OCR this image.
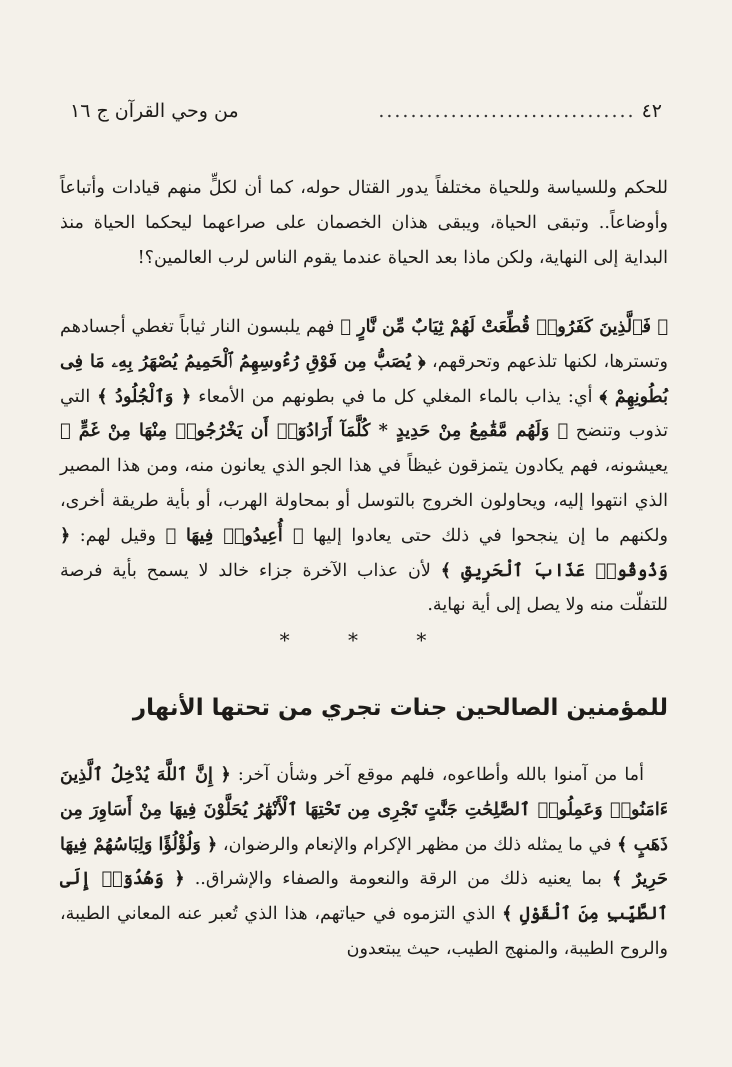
٤٢
................................
من وحي القرآن ج ١٦

للحكم وللسياسة وللحياة مختلفاً يدور القتال حوله، كما أن لكلٍّ منهم قيادات وأتباعاً وأوضاعاً.. وتبقى الحياة، ويبقى هذان الخصمان على صراعهما ليحكما الحياة منذ البداية إلى النهاية، ولكن ماذا بعد الحياة عندما يقوم الناس لرب العالمين؟!

﴿ فَٱلَّذِينَ كَفَرُوا۟ قُطِّعَتْ لَهُمْ ثِيَابٌ مِّن نَّارٍ ﴾ فهم يلبسون النار ثياباً تغطي أجسادهم وتسترها، لكنها تلذعهم وتحرقهم، ﴿ يُصَبُّ مِن فَوْقِ رُءُوسِهِمُ ٱلْحَمِيمُ يُصْهَرُ بِهِۦ مَا فِى بُطُونِهِمْ ﴾ أي: يذاب بالماء المغلي كل ما في بطونهم من الأمعاء ﴿ وَٱلْجُلُودُ ﴾ التي تذوب وتنضح ﴿ وَلَهُم مَّقَٰمِعُ مِنْ حَدِيدٍ * كُلَّمَآ أَرَادُوٓا۟ أَن يَخْرُجُوا۟ مِنْهَا مِنْ غَمٍّ ﴾ يعيشونه، فهم يكادون يتمزقون غيظاً في هذا الجو الذي يعانون منه، ومن هذا المصير الذي انتهوا إليه، ويحاولون الخروج بالتوسل أو بمحاولة الهرب، أو بأية طريقة أخرى، ولكنهم ما إن ينجحوا في ذلك حتى يعادوا إليها ﴿ أُعِيدُوا۟ فِيهَا ﴾ وقيل لهم: ﴿ وَذُوقُوا۟ عَذَابَ ٱلْحَرِيقِ ﴾ لأن عذاب الآخرة جزاء خالد لا يسمح بأية فرصة للتفلّت منه ولا يصل إلى أية نهاية.

* * *
للمؤمنين الصالحين جنات تجري من تحتها الأنهار

أما من آمنوا بالله وأطاعوه، فلهم موقع آخر وشأن آخر: ﴿ إِنَّ ٱللَّهَ يُدْخِلُ ٱلَّذِينَ ءَامَنُوا۟ وَعَمِلُوا۟ ٱلصَّٰلِحَٰتِ جَنَّٰتٍ تَجْرِى مِن تَحْتِهَا ٱلْأَنْهَٰرُ يُحَلَّوْنَ فِيهَا مِنْ أَسَاوِرَ مِن ذَهَبٍ ﴾ في ما يمثله ذلك من مظهر الإكرام والإنعام والرضوان، ﴿ وَلُؤْلُؤًا وَلِبَاسُهُمْ فِيهَا حَرِيرٌ ﴾ بما يعنيه ذلك من الرقة والنعومة والصفاء والإشراق.. ﴿ وَهُدُوٓا۟ إِلَى ٱلطَّيِّبِ مِنَ ٱلْقَوْلِ ﴾ الذي التزموه في حياتهم، هذا الذي تُعبر عنه المعاني الطيبة، والروح الطيبة، والمنهج الطيب، حيث يبتعدون
